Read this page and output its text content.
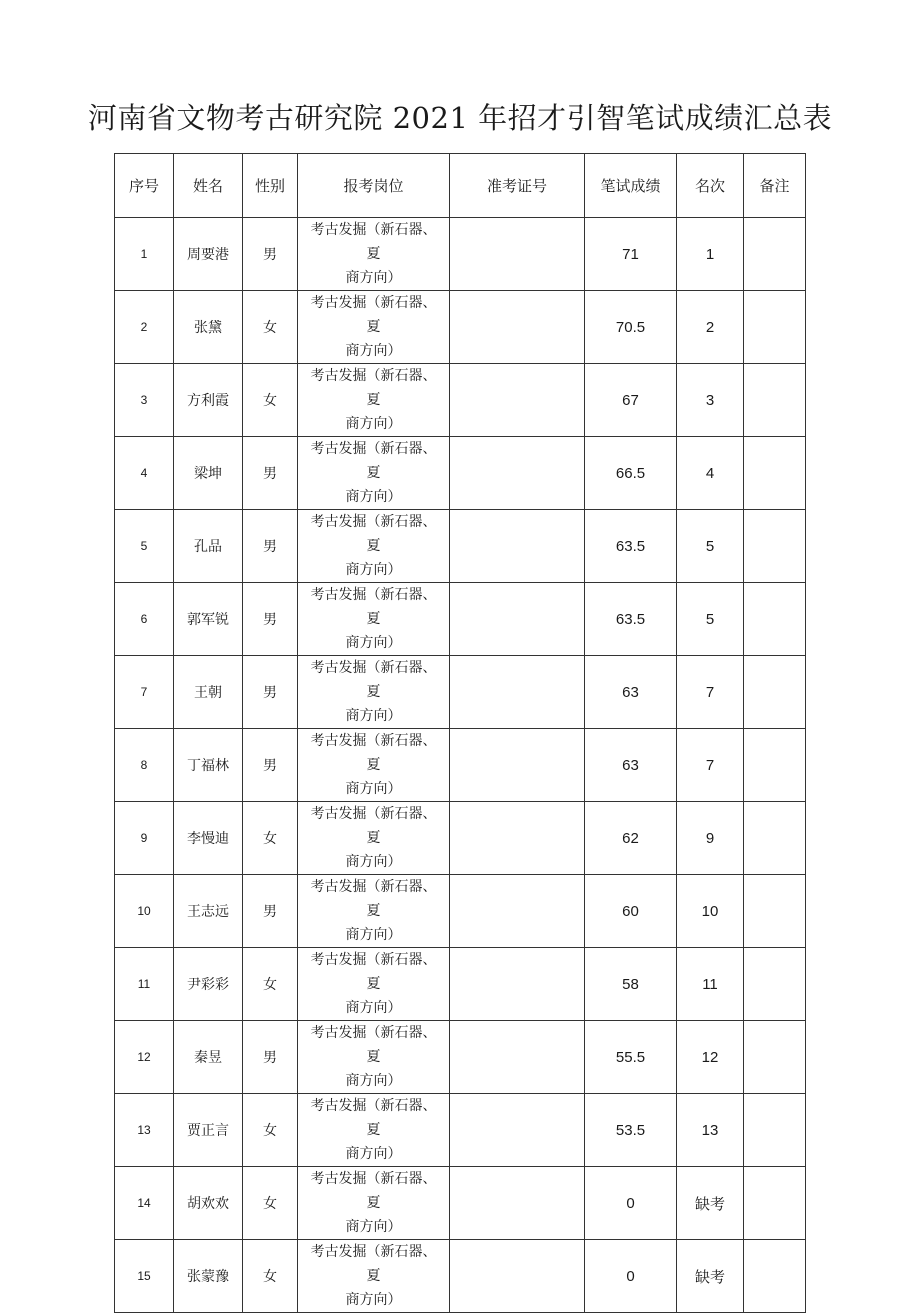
河南省文物考古研究院 2021 年招才引智笔试成绩汇总表
序号	姓名	性别	报考岗位	准考证号	笔试成绩	名次	备注
1	周要港	男	考古发掘（新石器、夏
商方向）		71	1	
2	张黛	女	考古发掘（新石器、夏
商方向）		70.5	2	
3	方利霞	女	考古发掘（新石器、夏
商方向）		67	3	
4	梁坤	男	考古发掘（新石器、夏
商方向）		66.5	4	
5	孔品	男	考古发掘（新石器、夏
商方向）		63.5	5	
6	郭军锐	男	考古发掘（新石器、夏
商方向）		63.5	5	
7	王朝	男	考古发掘（新石器、夏
商方向）		63	7	
8	丁福林	男	考古发掘（新石器、夏
商方向）		63	7	
9	李慢迪	女	考古发掘（新石器、夏
商方向）		62	9	
10	王志远	男	考古发掘（新石器、夏
商方向）		60	10	
11	尹彩彩	女	考古发掘（新石器、夏
商方向）		58	11	
12	秦昱	男	考古发掘（新石器、夏
商方向）		55.5	12	
13	贾正言	女	考古发掘（新石器、夏
商方向）		53.5	13	
14	胡欢欢	女	考古发掘（新石器、夏
商方向）		0	缺考	
15	张蒙豫	女	考古发掘（新石器、夏
商方向）		0	缺考	
